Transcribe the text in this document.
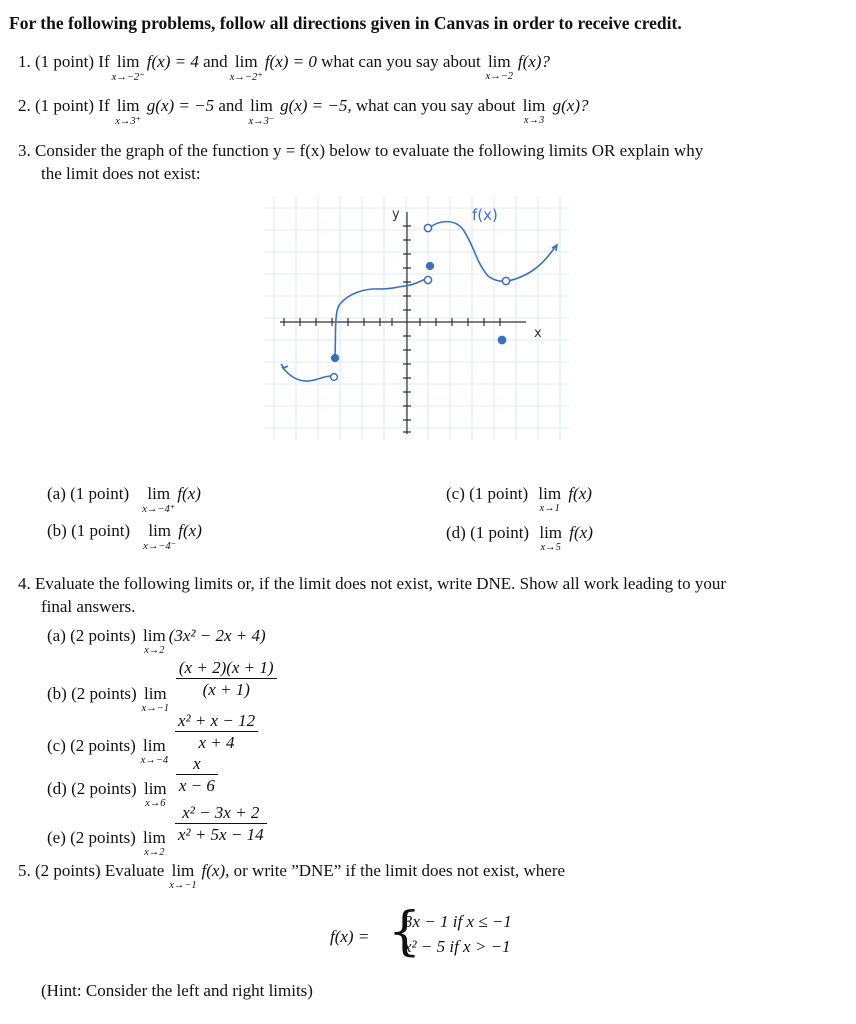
For the following problems, follow all directions given in Canvas in order to receive credit.
1. (1 point) If lim
x→−2⁻
f(x) = 4 and lim
x→−2⁺
f(x) = 0 what can you say about lim
x→−2
f(x)?
2. (1 point) If lim
x→3⁺
g(x) = −5 and lim
x→3⁻
g(x) = −5, what can you say about lim
x→3
g(x)?
3. Consider the graph of the function y = f(x) below to evaluate the following limits OR explain why
the limit does not exist:
y
x
f(x)
(a) (1 point) lim
x→−4⁺
f(x)
(b) (1 point) lim
x→−4⁻
f(x)
(c) (1 point) lim
x→1
f(x)
(d) (1 point) lim
x→5
f(x)
4. Evaluate the following limits or, if the limit does not exist, write DNE. Show all work leading to your
final answers.
(a) (2 points) lim
x→2
(3x² − 2x + 4)
(b) (2 points) lim
x→−1

$\frac{(x + 2)(x + 1)}{(x + 1)}$
(c) (2 points) lim
x→−4

$\frac{\text{x² + x − 12}}{x + 4}$
(d) (2 points) lim
x→6

$\frac{x}{x - 6}$
(e) (2 points) lim
x→2

$\frac{\text{x² − 3x + 2}}{\text{x² + 5x − 14}}$
5. (2 points) Evaluate lim
x→−1
f(x), or write ”DNE” if the limit does not exist, where
f(x) = {
3x − 1 if x ≤ −1
x² − 5 if x > −1
(Hint: Consider the left and right limits)
